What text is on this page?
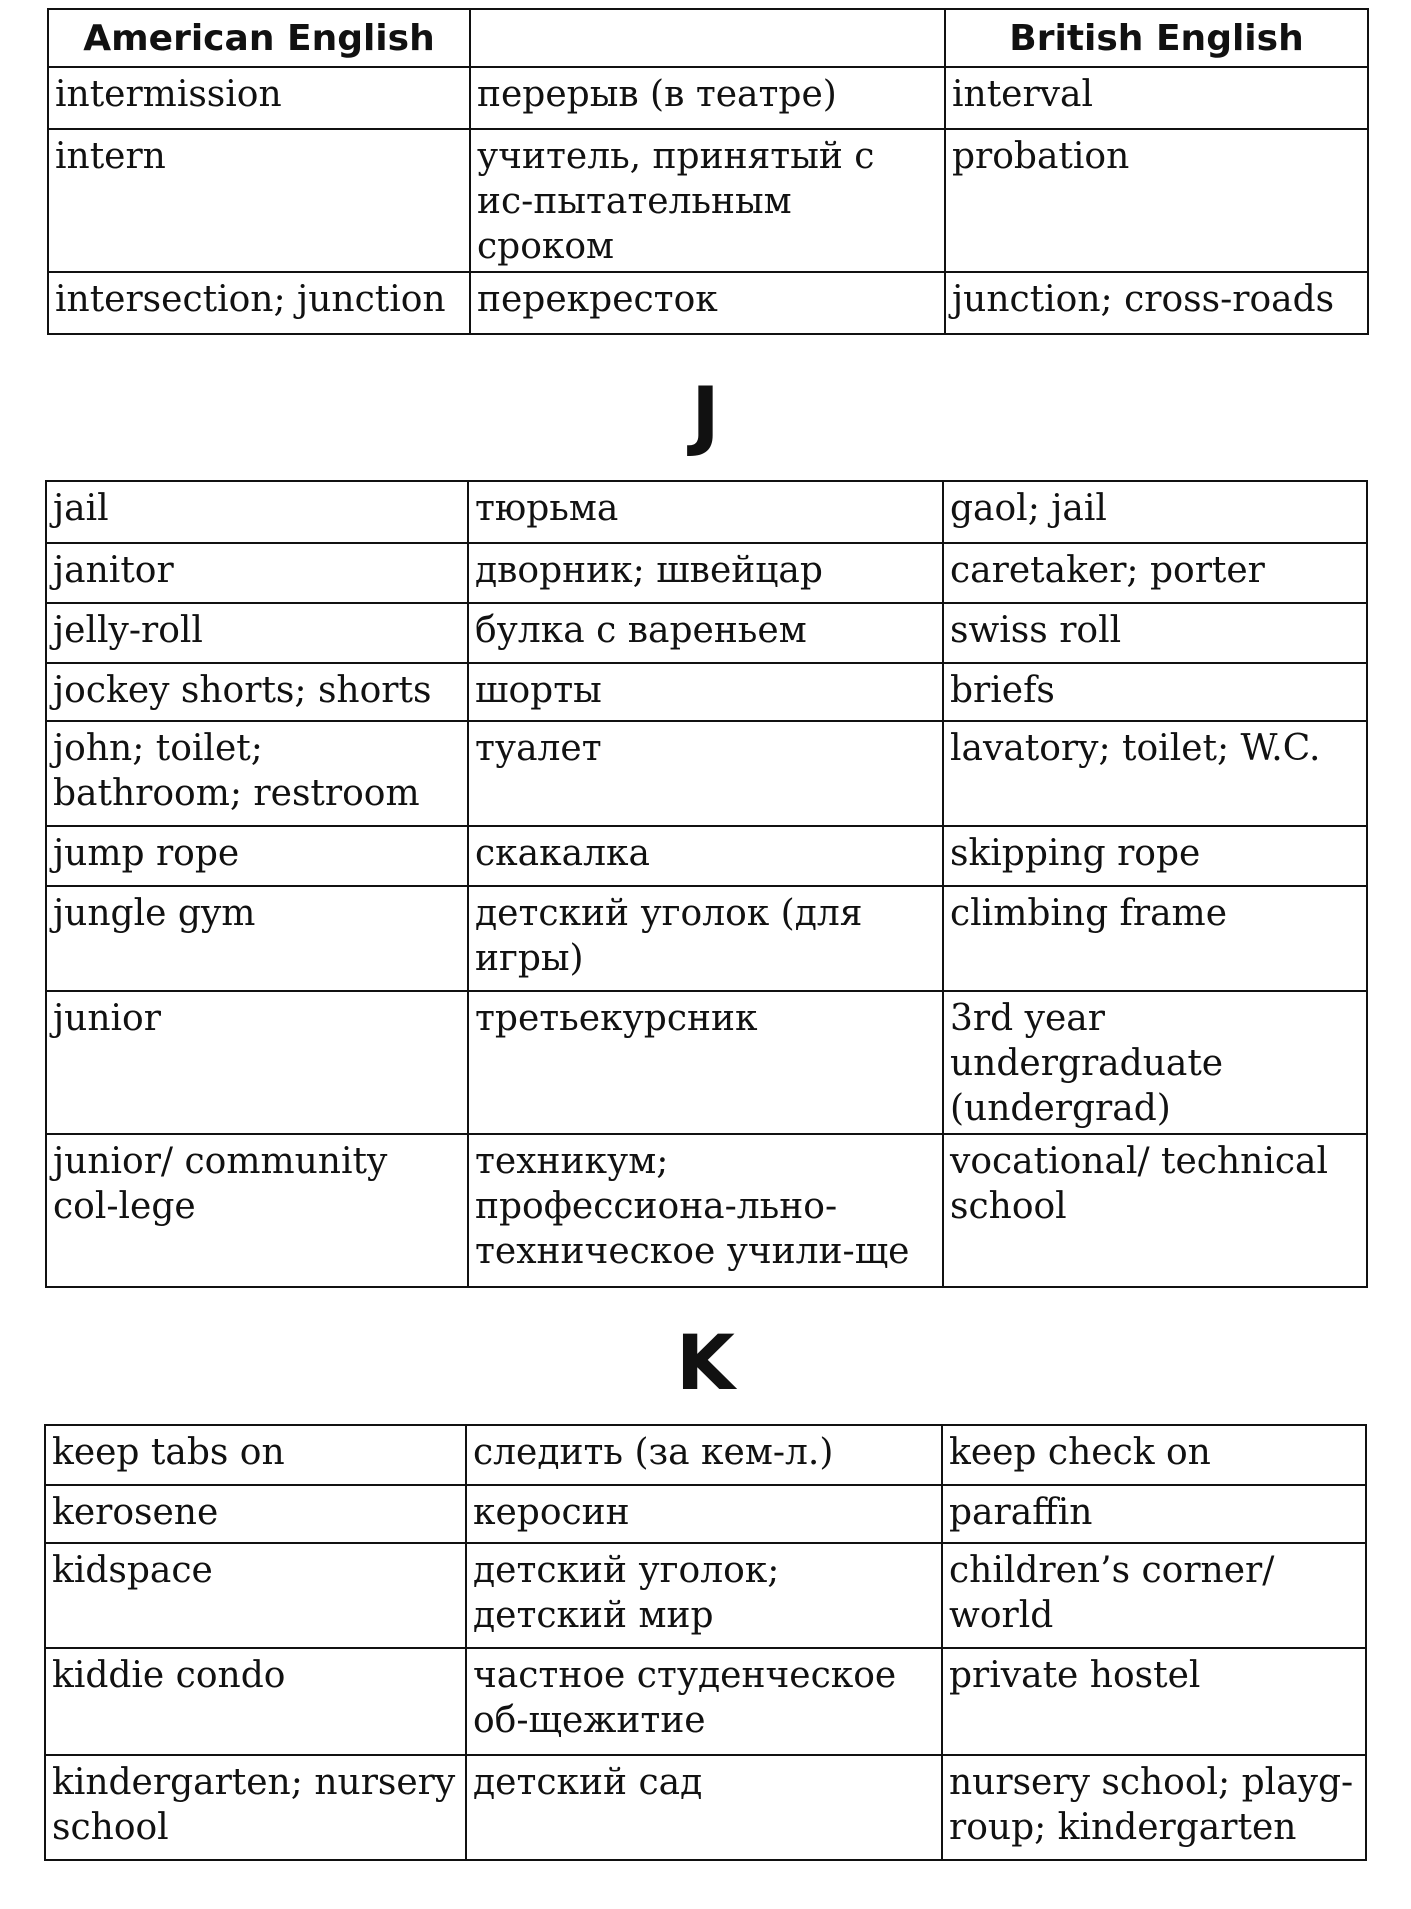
American English		British English
intermission	перерыв (в театре)	interval
intern	учитель, принятый с ис-пытательным сроком	probation
intersection; junction	перекресток	junction; cross-roads
J
jail	тюрьма	gaol; jail
janitor	дворник; швейцар	caretaker; porter
jelly-roll	булка с вареньем	swiss roll
jockey shorts; shorts	шорты	briefs
john; toilet; bathroom; restroom	туалет	lavatory; toilet; W.C.
jump rope	скакалка	skipping rope
jungle gym	детский уголок (для игры)	climbing frame
junior	третьекурсник	3rd year undergraduate (undergrad)
junior/ community col-lege	техникум; профессиона-льно-техническое учили-ще	vocational/ technical school
K
keep tabs on	следить (за кем-л.)	keep check on
kerosene	керосин	paraffin
kidspace	детский уголок; детский мир	children’s corner/ world
kiddie condo	частное студенческое об-щежитие	private hostel
kindergarten; nursery school	детский сад	nursery school; playg-roup; kindergarten
